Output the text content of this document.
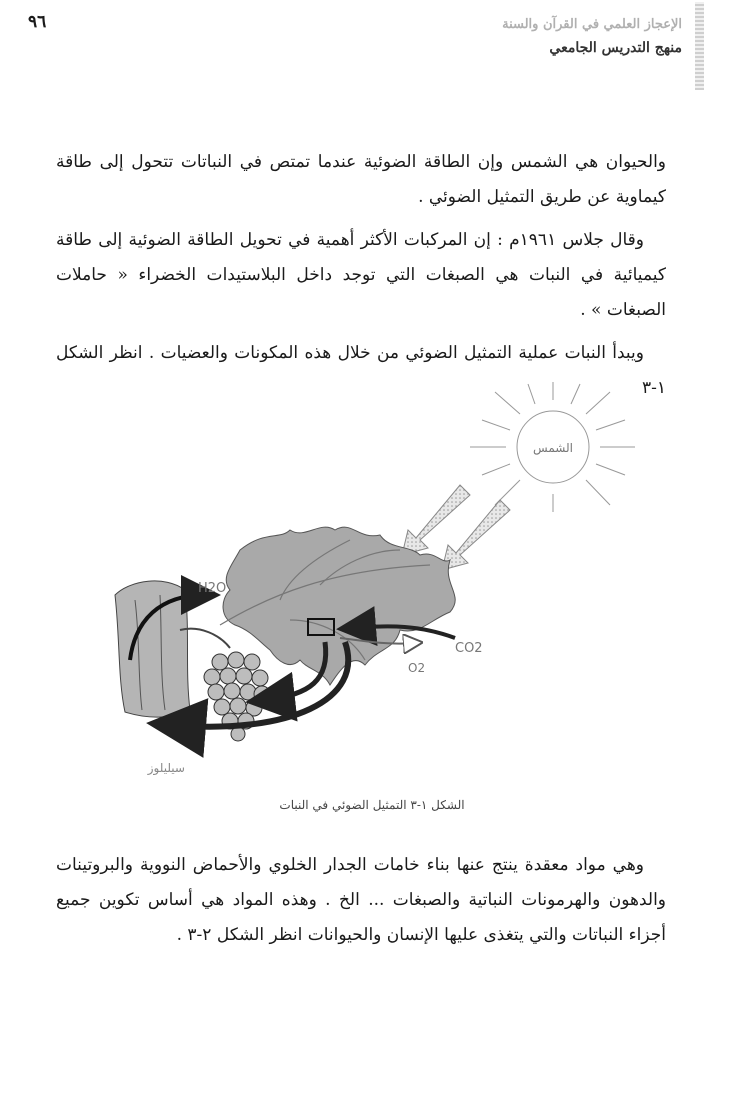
٩٦	الإعجاز العلمي في القرآن والسنة
منهج التدريس الجامعي

والحيوان هي الشمس وإن الطاقة الضوئية عندما تمتص في النباتات تتحول إلى طاقة كيماوية عن طريق التمثيل الضوئي .

وقال جلاس ١٩٦١م : إن المركبات الأكثر أهمية في تحويل الطاقة الضوئية إلى طاقة كيميائية في النبات هي الصبغات التي توجد داخل البلاستيدات الخضراء « حاملات الصبغات » .

ويبدأ النبات عملية التمثيل الضوئي من خلال هذه المكونات والعضيات . انظر الشكل ١-٣

الشمس
H2O
CO2
O2
سيليلوز
الشكل ١-٣ التمثيل الضوئي في النبات

وهي مواد معقدة ينتج عنها بناء خامات الجدار الخلوي والأحماض النووية والبروتينات والدهون والهرمونات النباتية والصبغات ... الخ . وهذه المواد هي أساس تكوين جميع أجزاء النباتات والتي يتغذى عليها الإنسان والحيوانات انظر الشكل ٢-٣ .
